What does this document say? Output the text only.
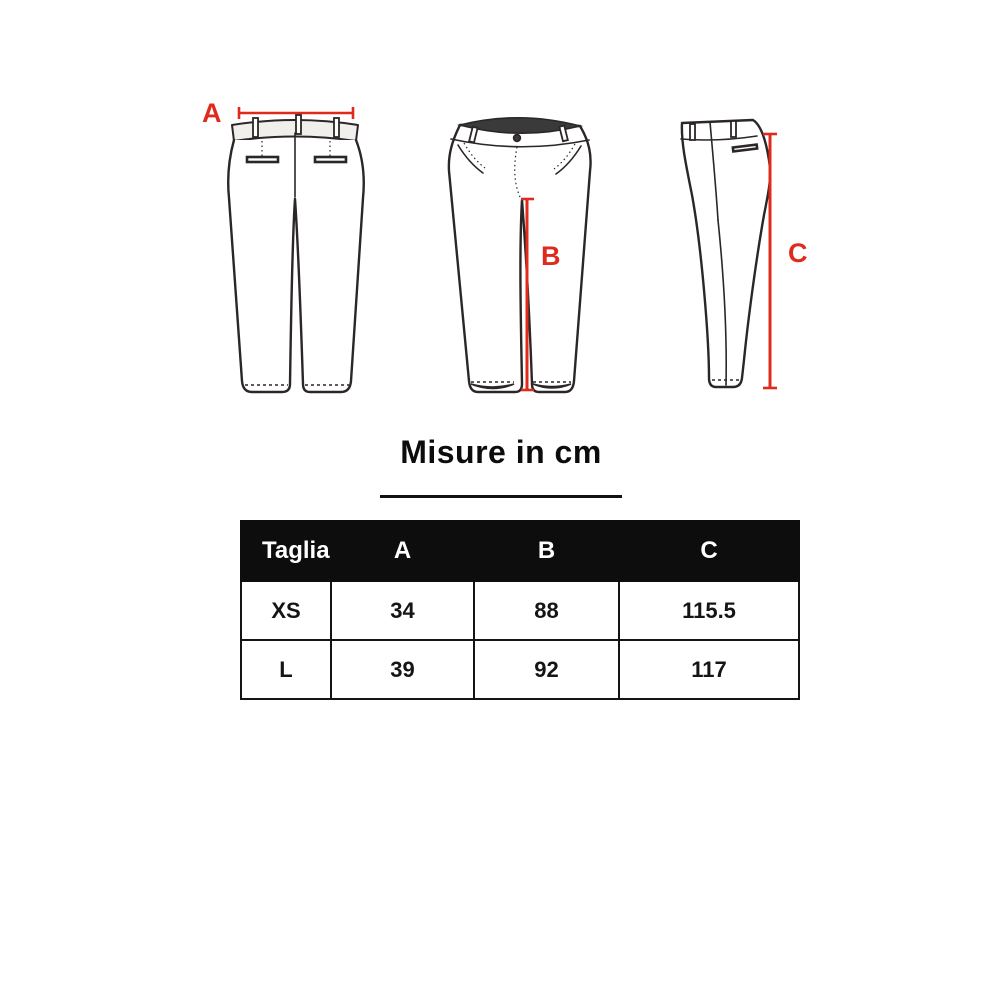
A
B	C
Misure in cm
Taglia	A	B	C
XS	34	88	115.5
L	39	92	117
